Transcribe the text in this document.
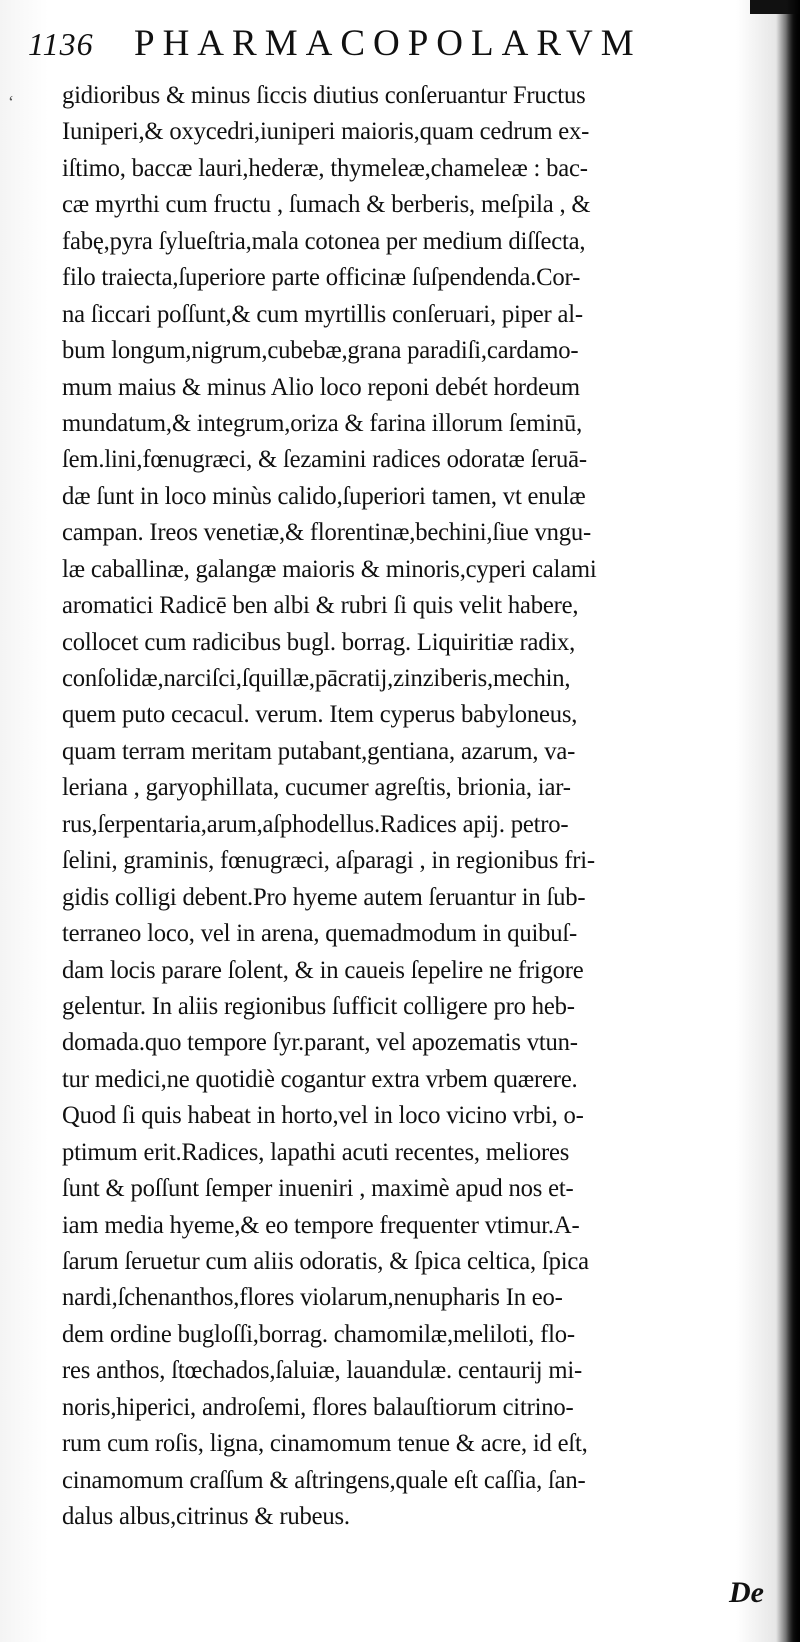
1136	PHARMACOPOLARVM
ʻ gidioribus & minus ſiccis diutius conſeruantur Fructus
Iuniperi,& oxycedri,iuniperi maioris,quam cedrum ex-
iſtimo, baccæ lauri,hederæ, thymeleæ,chameleæ : bac-
cæ myrthi cum fructu , ſumach & berberis, meſpila , &
fabę,pyra ſylueſtria,mala cotonea per medium diſſecta,
filo traiecta,ſuperiore parte officinæ ſuſpendenda.Cor-
na ſiccari poſſunt,& cum myrtillis conſeruari, piper al-
bum longum,nigrum,cubebæ,grana paradiſi,cardamo-
mum maius & minus Alio loco reponi debét hordeum
mundatum,& integrum,oriza & farina illorum ſeminū,
ſem.lini,fœnugræci, & ſezamini radices odoratæ ſeruā-
dæ ſunt in loco minùs calido,ſuperiori tamen, vt enulæ
campan. Ireos venetiæ,& florentinæ,bechini,ſiue vngu-
læ caballinæ, galangæ maioris & minoris,cyperi calami
aromatici Radicē ben albi & rubri ſi quis velit habere,
collocet cum radicibus bugl. borrag. Liquiritiæ radix,
conſolidæ,narciſci,ſquillæ,pācratij,zinziberis,mechin,
quem puto cecacul. verum. Item cyperus babyloneus,
quam terram meritam putabant,gentiana, azarum, va-
leriana , garyophillata, cucumer agreſtis, brionia, iar-
rus,ſerpentaria,arum,aſphodellus.Radices apij. petro-
ſelini, graminis, fœnugræci, aſparagi , in regionibus fri-
gidis colligi debent.Pro hyeme autem ſeruantur in ſub-
terraneo loco, vel in arena, quemadmodum in quibuſ-
dam locis parare ſolent, & in caueis ſepelire ne frigore
gelentur. In aliis regionibus ſufficit colligere pro heb-
domada.quo tempore ſyr.parant, vel apozematis vtun-
tur medici,ne quotidiè cogantur extra vrbem quærere.
Quod ſi quis habeat in horto,vel in loco vicino vrbi, o-
ptimum erit.Radices, lapathi acuti recentes, meliores
ſunt & poſſunt ſemper inueniri , maximè apud nos et-
iam media hyeme,& eo tempore frequenter vtimur.A-
ſarum ſeruetur cum aliis odoratis, & ſpica celtica, ſpica
nardi,ſchenanthos,flores violarum,nenupharis In eo-
dem ordine bugloſſi,borrag. chamomilæ,meliloti, flo-
res anthos, ſtœchados,ſaluiæ, lauandulæ. centaurij mi-
noris,hiperici, androſemi, flores balauſtiorum citrino-
rum cum roſis, ligna, cinamomum tenue & acre, id eſt,
cinamomum craſſum & aſtringens,quale eſt caſſia, ſan-
dalus albus,citrinus & rubeus.
De
